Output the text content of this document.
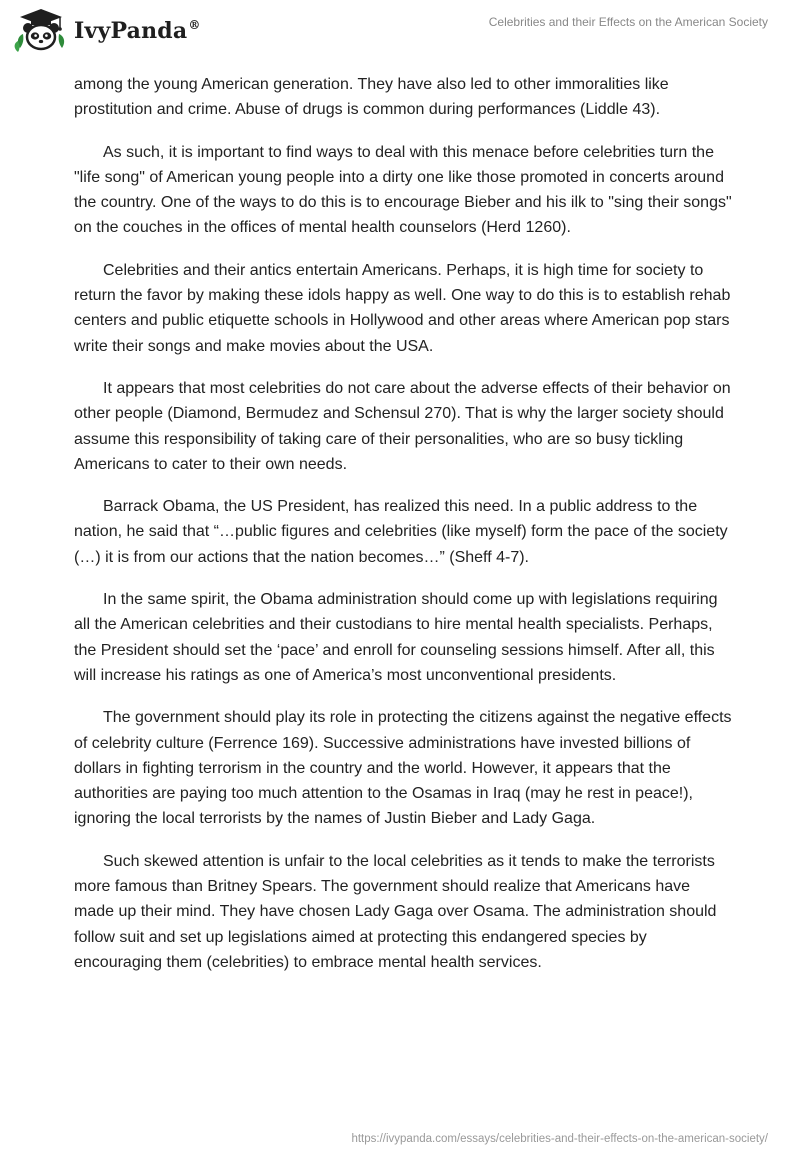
IvyPanda®	Celebrities and their Effects on the American Society

among the young American generation. They have also led to other immoralities like prostitution and crime. Abuse of drugs is common during performances (Liddle 43).

As such, it is important to find ways to deal with this menace before celebrities turn the "life song" of American young people into a dirty one like those promoted in concerts around the country. One of the ways to do this is to encourage Bieber and his ilk to "sing their songs" on the couches in the offices of mental health counselors (Herd 1260).

Celebrities and their antics entertain Americans. Perhaps, it is high time for society to return the favor by making these idols happy as well. One way to do this is to establish rehab centers and public etiquette schools in Hollywood and other areas where American pop stars write their songs and make movies about the USA.

It appears that most celebrities do not care about the adverse effects of their behavior on other people (Diamond, Bermudez and Schensul 270). That is why the larger society should assume this responsibility of taking care of their personalities, who are so busy tickling Americans to cater to their own needs.

Barrack Obama, the US President, has realized this need. In a public address to the nation, he said that “…public figures and celebrities (like myself) form the pace of the society (…) it is from our actions that the nation becomes…” (Sheff 4-7).

In the same spirit, the Obama administration should come up with legislations requiring all the American celebrities and their custodians to hire mental health specialists. Perhaps, the President should set the ‘pace’ and enroll for counseling sessions himself. After all, this will increase his ratings as one of America’s most unconventional presidents.

The government should play its role in protecting the citizens against the negative effects of celebrity culture (Ferrence 169). Successive administrations have invested billions of dollars in fighting terrorism in the country and the world. However, it appears that the authorities are paying too much attention to the Osamas in Iraq (may he rest in peace!), ignoring the local terrorists by the names of Justin Bieber and Lady Gaga.

Such skewed attention is unfair to the local celebrities as it tends to make the terrorists more famous than Britney Spears. The government should realize that Americans have made up their mind. They have chosen Lady Gaga over Osama. The administration should follow suit and set up legislations aimed at protecting this endangered species by encouraging them (celebrities) to embrace mental health services.

https://ivypanda.com/essays/celebrities-and-their-effects-on-the-american-society/
